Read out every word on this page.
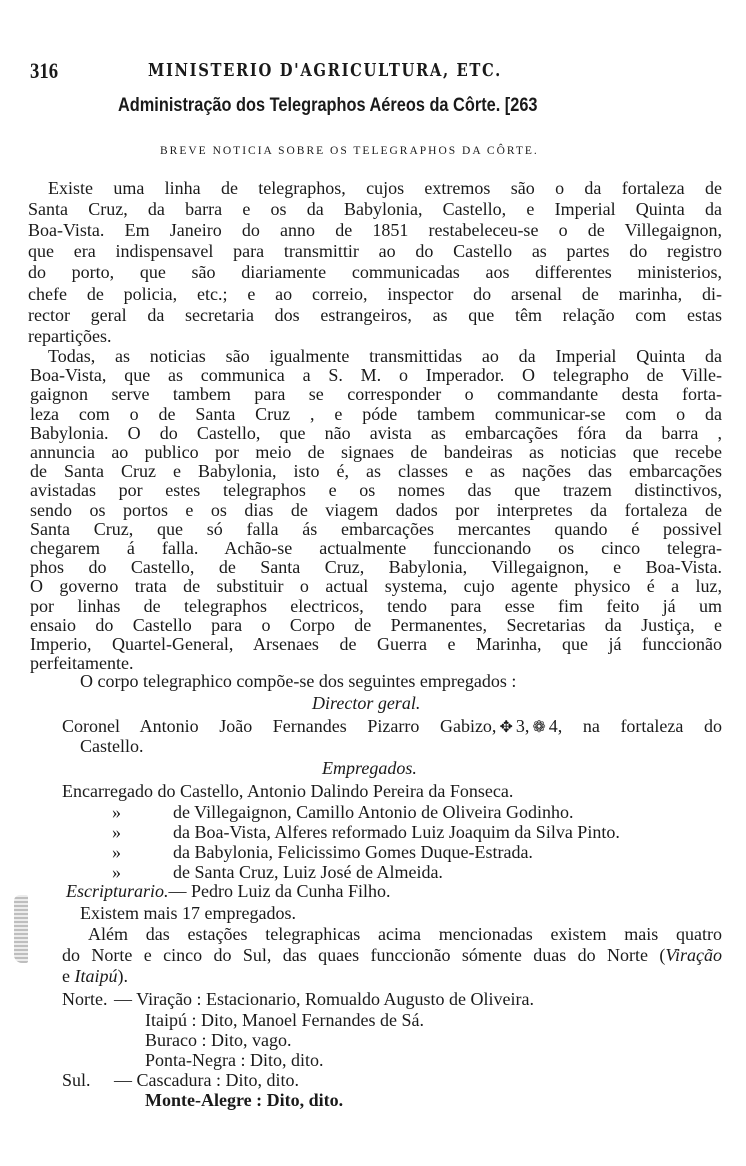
316	MINISTERIO D'AGRICULTURA, ETC.
Administração dos Telegraphos Aéreos da Côrte. [263
BREVE NOTICIA SOBRE OS TELEGRAPHOS DA CÔRTE.
Existe uma linha de telegraphos, cujos extremos são o da fortaleza de
Santa Cruz, da barra e os da Babylonia, Castello, e Imperial Quinta da
Boa-Vista. Em Janeiro do anno de 1851 restabeleceu-se o de Villegaignon,
que era indispensavel para transmittir ao do Castello as partes do registro
do porto, que são diariamente communicadas aos differentes ministerios,
chefe de policia, etc.; e ao correio, inspector do arsenal de marinha, di-
rector geral da secretaria dos estrangeiros, as que têm relação com estas
repartições.
Todas, as noticias são igualmente transmittidas ao da Imperial Quinta da
Boa-Vista, que as communica a S. M. o Imperador. O telegrapho de Ville-
gaignon serve tambem para se corresponder o commandante desta forta-
leza com o de Santa Cruz , e póde tambem communicar-se com o da
Babylonia. O do Castello, que não avista as embarcações fóra da barra ,
annuncia ao publico por meio de signaes de bandeiras as noticias que recebe
de Santa Cruz e Babylonia, isto é, as classes e as nações das embarcações
avistadas por estes telegraphos e os nomes das que trazem distinctivos,
sendo os portos e os dias de viagem dados por interpretes da fortaleza de
Santa Cruz, que só falla ás embarcações mercantes quando é possivel
chegarem á falla. Achão-se actualmente funccionando os cinco telegra-
phos do Castello, de Santa Cruz, Babylonia, Villegaignon, e Boa-Vista.
O governo trata de substituir o actual systema, cujo agente physico é a luz,
por linhas de telegraphos electricos, tendo para esse fim feito já um
ensaio do Castello para o Corpo de Permanentes, Secretarias da Justiça, e
Imperio, Quartel-General, Arsenaes de Guerra e Marinha, que já funccionão
perfeitamente.
O corpo telegraphico compõe-se dos seguintes empregados :
Director geral.
Coronel Antonio João Fernandes Pizarro Gabizo, ✥ 3, ❁ 4, na fortaleza do
Castello.
Empregados.
Encarregado do Castello, Antonio Dalindo Pereira da Fonseca.
»	de Villegaignon, Camillo Antonio de Oliveira Godinho.
»	da Boa-Vista, Alferes reformado Luiz Joaquim da Silva Pinto.
»	da Babylonia, Felicissimo Gomes Duque-Estrada.
»	de Santa Cruz, Luiz José de Almeida.
Escripturario.— Pedro Luiz da Cunha Filho.
Existem mais 17 empregados.
Além das estações telegraphicas acima mencionadas existem mais quatro
do Norte e cinco do Sul, das quaes funccionão sómente duas do Norte (Viração
e Itaipú).
Norte. — Viração : Estacionario, Romualdo Augusto de Oliveira.
Itaipú : Dito, Manoel Fernandes de Sá.
Buraco : Dito, vago.
Ponta-Negra : Dito, dito.
Sul. — Cascadura : Dito, dito.
Monte-Alegre : Dito, dito.
